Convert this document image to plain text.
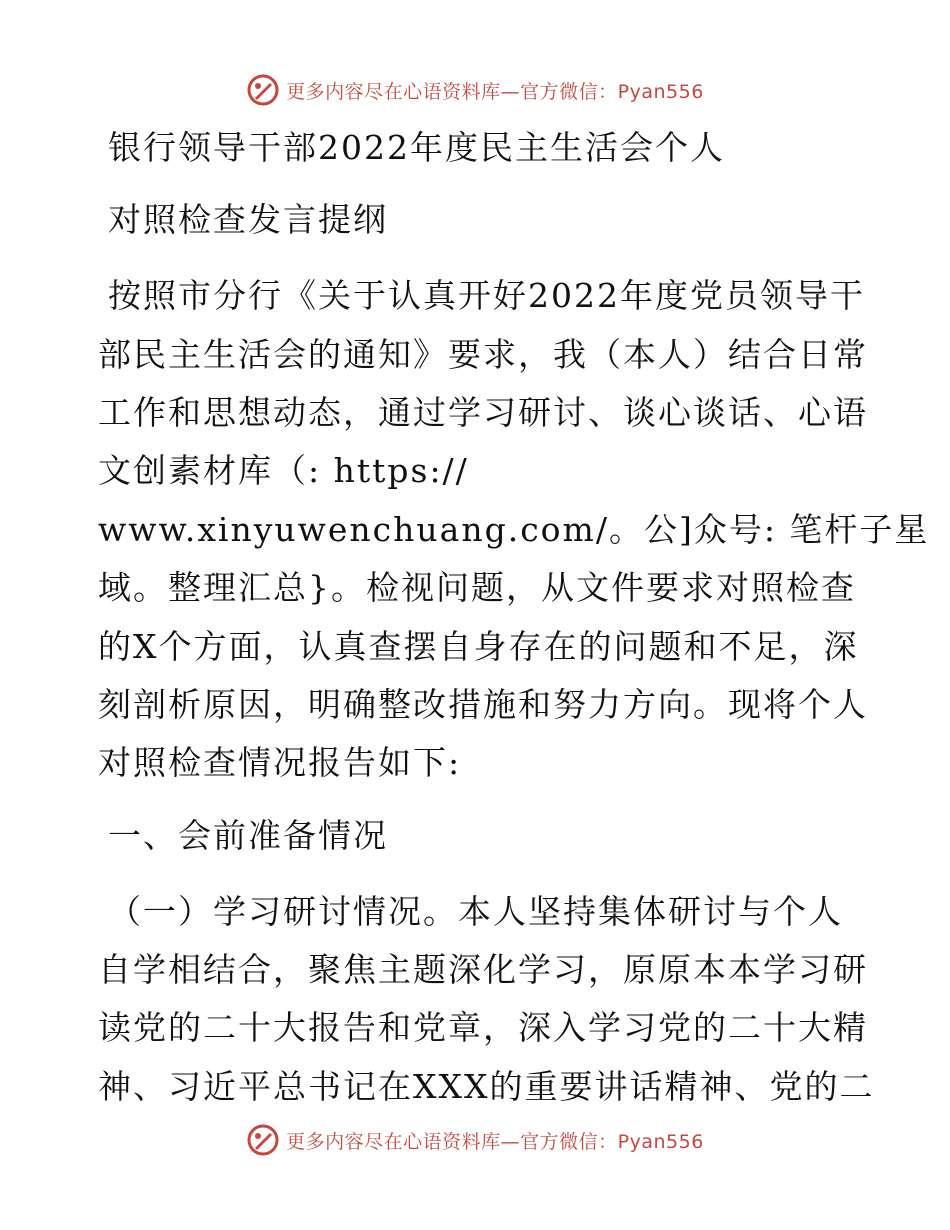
更多内容尽在心语资料库—官方微信：Pyan556
银行领导干部2022年度民主生活会个人
对照检查发言提纲
按照市分行《关于认真开好2022年度党员领导干
部民主生活会的通知》要求，我（本人）结合日常
工作和思想动态，通过学习研讨、谈心谈话、心语
文创素材库（: https://
www.xinyuwenchuang.com/。公]众号: 笔杆子星
域。整理汇总}。检视问题，从文件要求对照检查
的X个方面，认真查摆自身存在的问题和不足，深
刻剖析原因，明确整改措施和努力方向。现将个人
对照检查情况报告如下:
一、会前准备情况
（一）学习研讨情况。本人坚持集体研讨与个人
自学相结合，聚焦主题深化学习，原原本本学习研
读党的二十大报告和党章，深入学习党的二十大精
神、习近平总书记在XXX的重要讲话精神、党的二
更多内容尽在心语资料库—官方微信：Pyan556
